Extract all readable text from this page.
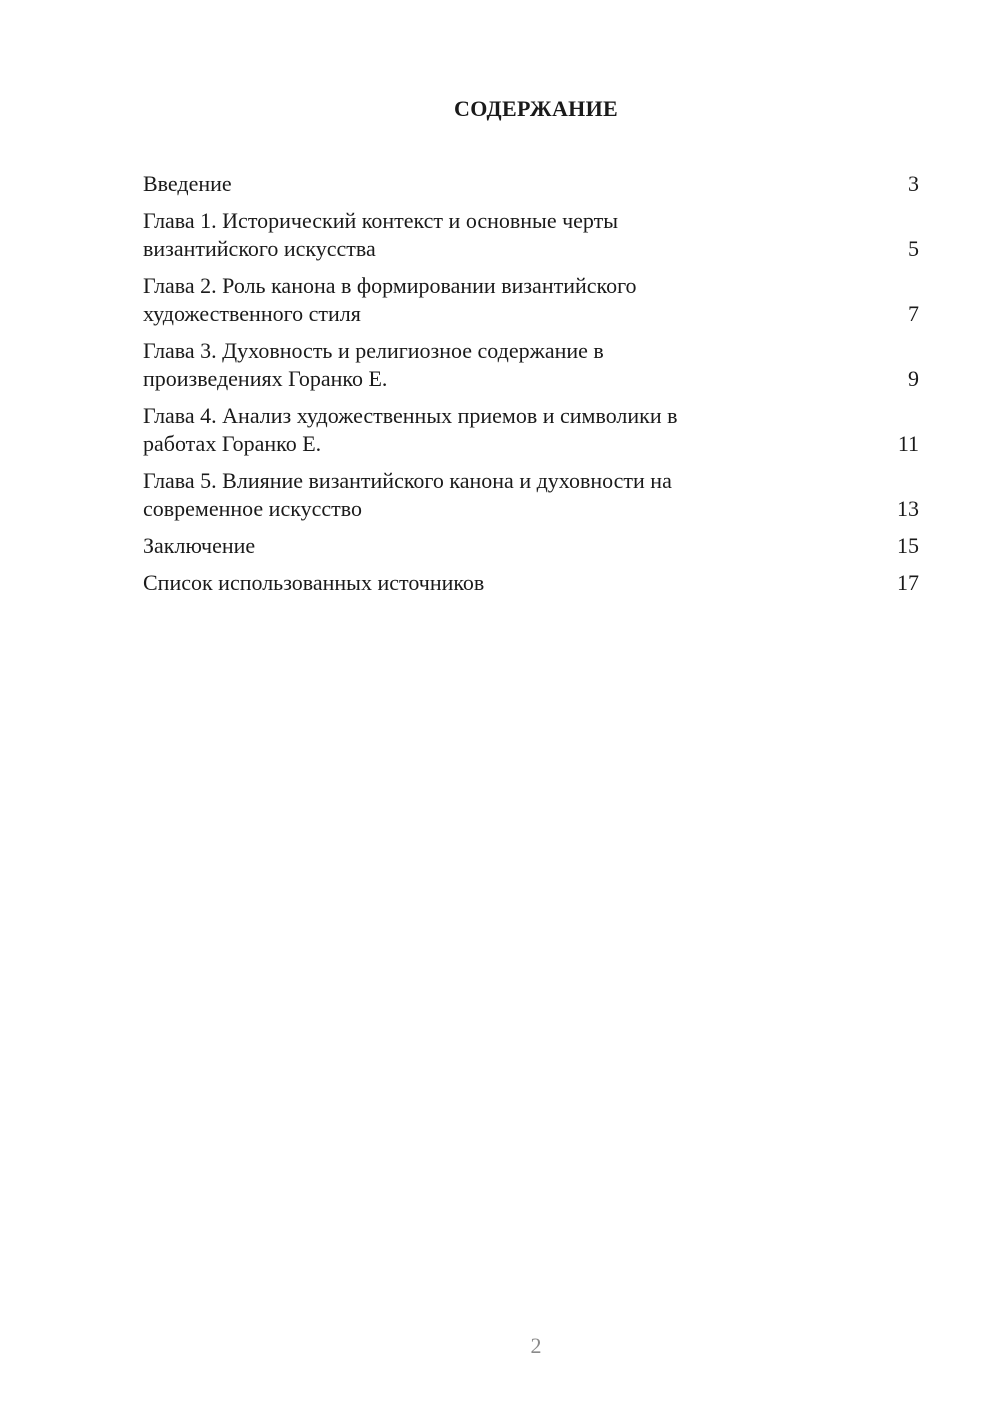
СОДЕРЖАНИЕ
Введение	3
Глава 1. Исторический контекст и основные черты
византийского искусства	5
Глава 2. Роль канона в формировании византийского
художественного стиля	7
Глава 3. Духовность и религиозное содержание в
произведениях Горанко Е.	9
Глава 4. Анализ художественных приемов и символики в
работах Горанко Е.	11
Глава 5. Влияние византийского канона и духовности на
современное искусство	13
Заключение	15
Список использованных источников	17
2
